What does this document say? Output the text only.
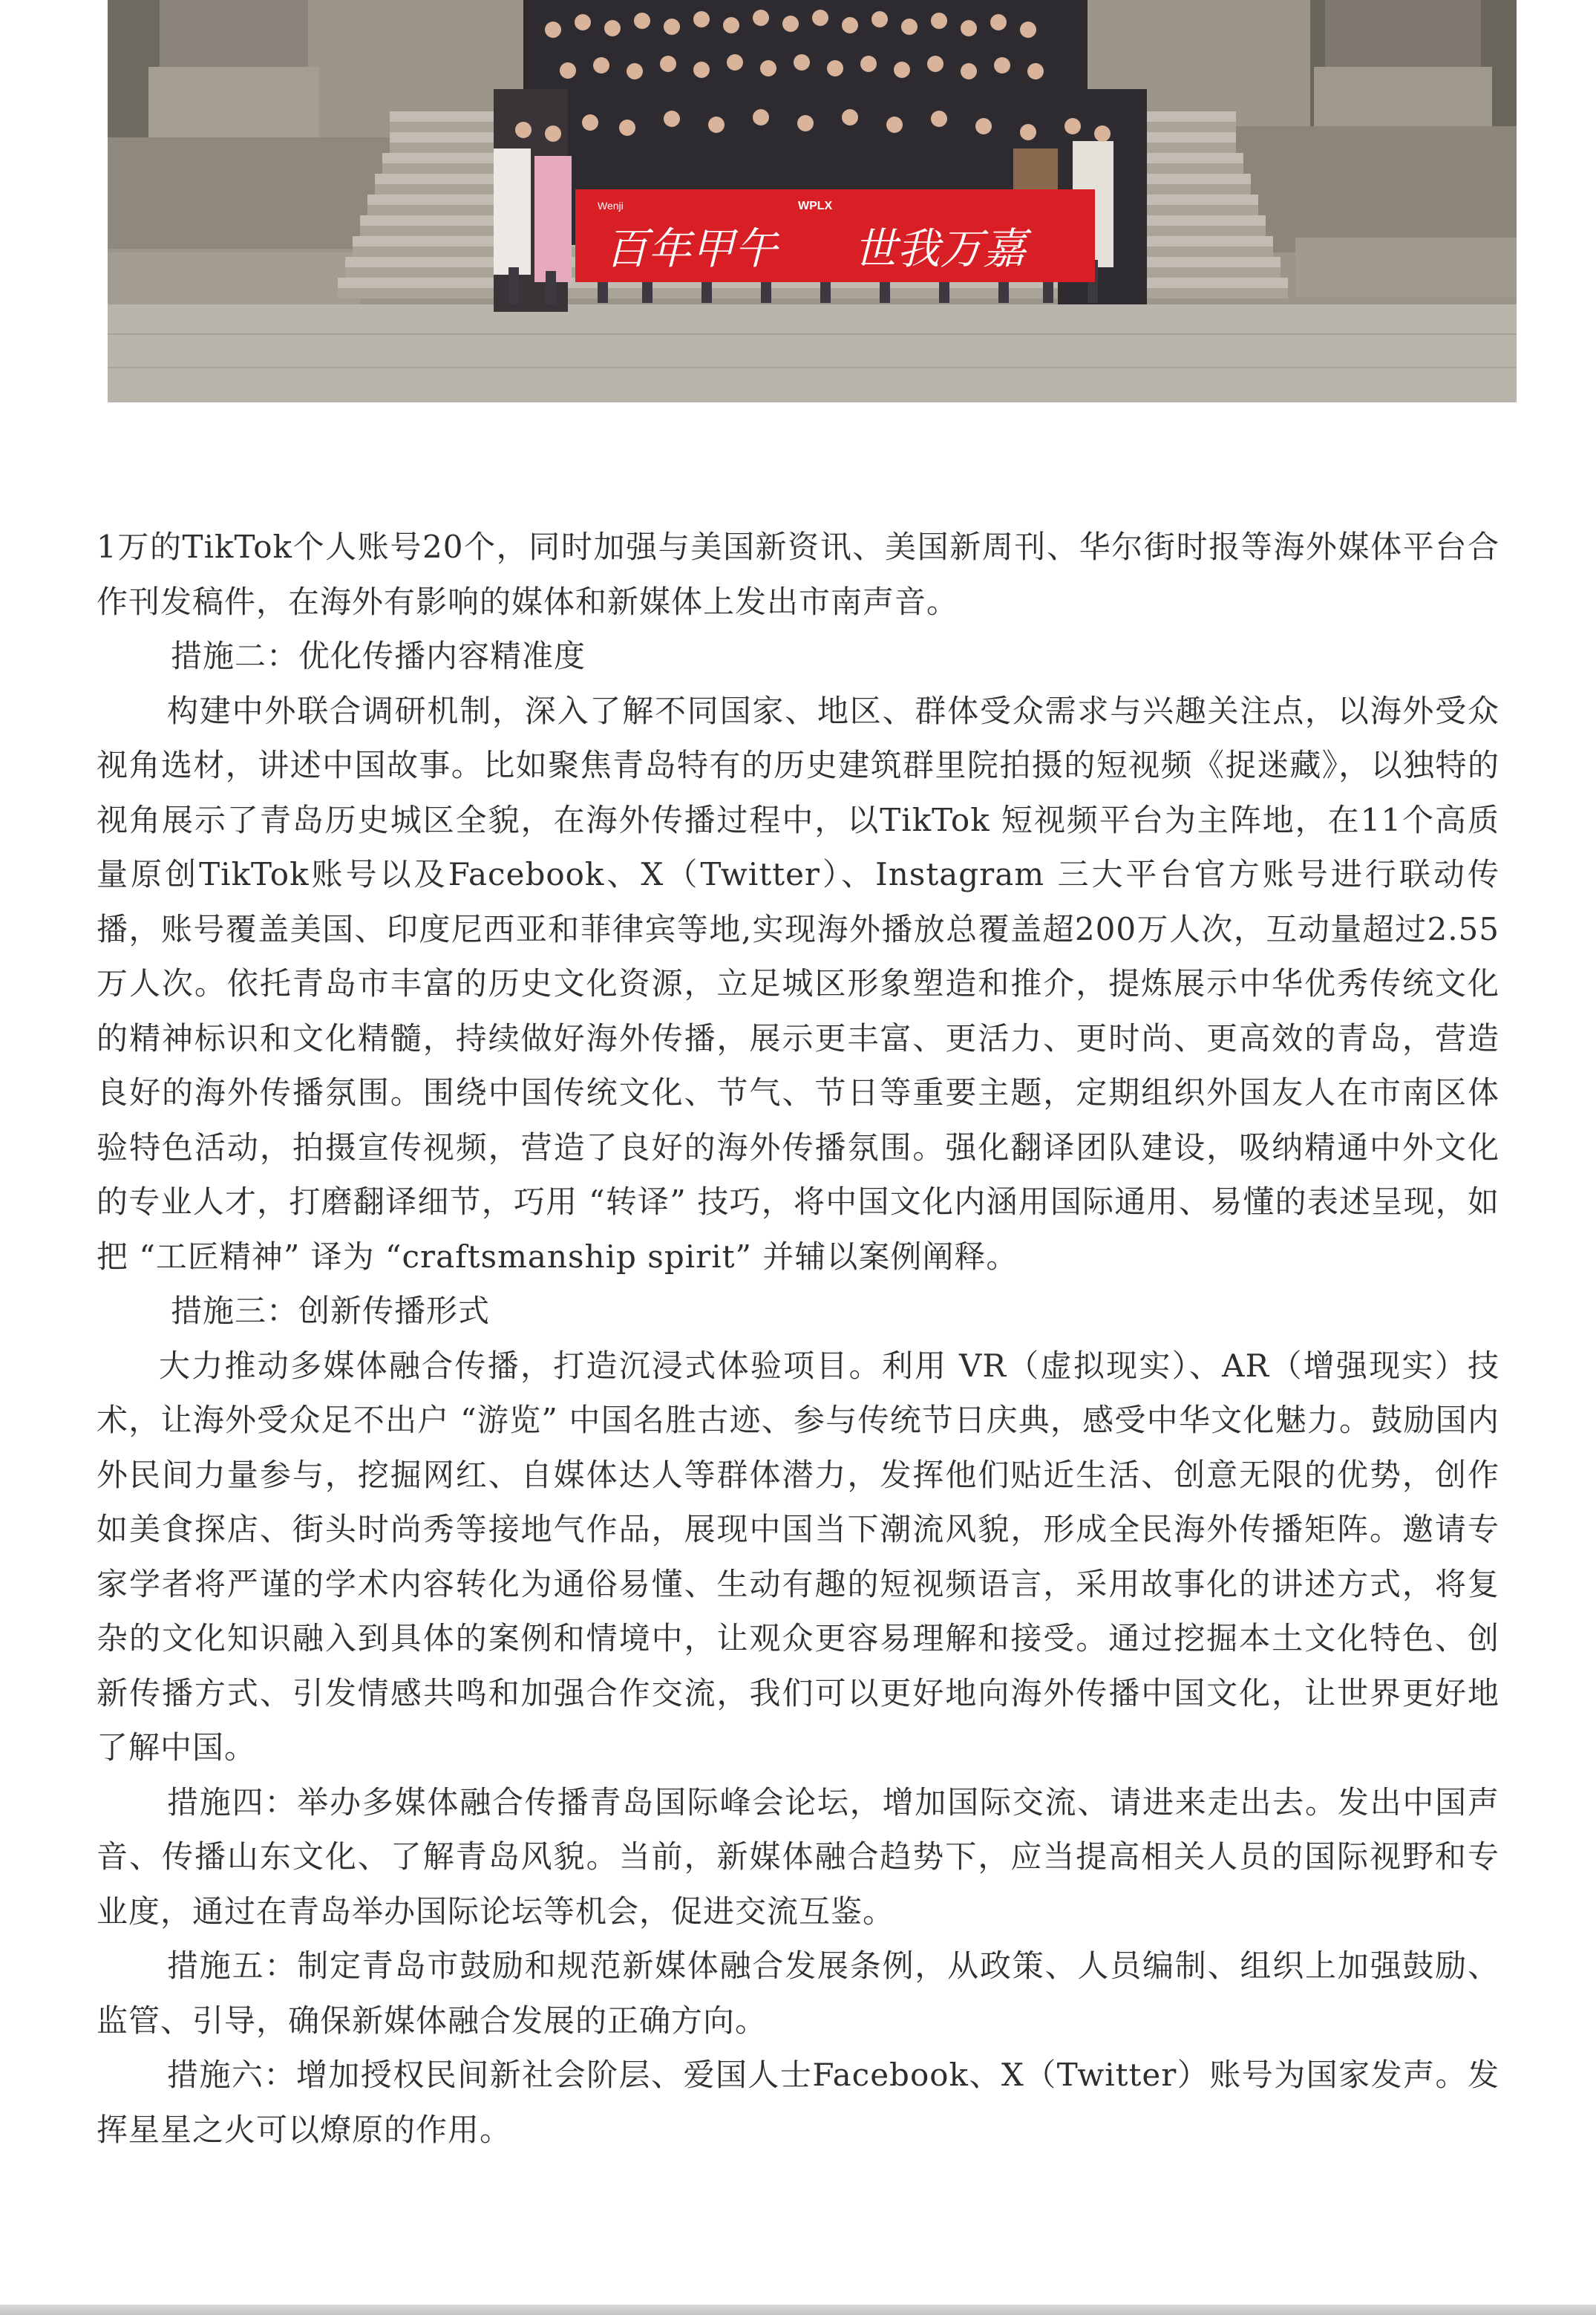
Wenji	WPLX
百年甲午 世我万嘉

1万的TikTok个人账号20个，同时加强与美国新资讯、美国新周刊、华尔街时报等海外媒体平台合作刊发稿件，在海外有影响的媒体和新媒体上发出市南声音。

措施二：优化传播内容精准度

构建中外联合调研机制，深入了解不同国家、地区、群体受众需求与兴趣关注点，以海外受众视角选材，讲述中国故事。比如聚焦青岛特有的历史建筑群里院拍摄的短视频《捉迷藏》，以独特的视角展示了青岛历史城区全貌，在海外传播过程中，以TikTok 短视频平台为主阵地，在11个高质量原创TikTok账号以及Facebook、X（Twitter）、Instagram 三大平台官方账号进行联动传播，账号覆盖美国、印度尼西亚和菲律宾等地,实现海外播放总覆盖超200万人次，互动量超过2.55万人次。依托青岛市丰富的历史文化资源，立足城区形象塑造和推介，提炼展示中华优秀传统文化的精神标识和文化精髓，持续做好海外传播，展示更丰富、更活力、更时尚、更高效的青岛，营造良好的海外传播氛围。围绕中国传统文化、节气、节日等重要主题，定期组织外国友人在市南区体验特色活动，拍摄宣传视频，营造了良好的海外传播氛围。强化翻译团队建设，吸纳精通中外文化的专业人才，打磨翻译细节，巧用 “转译” 技巧，将中国文化内涵用国际通用、易懂的表述呈现，如把 “工匠精神” 译为 “craftsmanship spirit” 并辅以案例阐释。

措施三：创新传播形式

大力推动多媒体融合传播，打造沉浸式体验项目。利用 VR（虚拟现实）、AR（增强现实）技术，让海外受众足不出户 “游览” 中国名胜古迹、参与传统节日庆典，感受中华文化魅力。鼓励国内外民间力量参与，挖掘网红、自媒体达人等群体潜力，发挥他们贴近生活、创意无限的优势，创作如美食探店、街头时尚秀等接地气作品，展现中国当下潮流风貌，形成全民海外传播矩阵。邀请专家学者将严谨的学术内容转化为通俗易懂、生动有趣的短视频语言，采用故事化的讲述方式，将复杂的文化知识融入到具体的案例和情境中，让观众更容易理解和接受。通过挖掘本土文化特色、创新传播方式、引发情感共鸣和加强合作交流，我们可以更好地向海外传播中国文化，让世界更好地了解中国。

措施四：举办多媒体融合传播青岛国际峰会论坛，增加国际交流、请进来走出去。发出中国声音、传播山东文化、了解青岛风貌。当前，新媒体融合趋势下，应当提高相关人员的国际视野和专业度，通过在青岛举办国际论坛等机会，促进交流互鉴。

措施五：制定青岛市鼓励和规范新媒体融合发展条例，从政策、人员编制、组织上加强鼓励、监管、引导，确保新媒体融合发展的正确方向。

措施六：增加授权民间新社会阶层、爱国人士Facebook、X（Twitter）账号为国家发声。发挥星星之火可以燎原的作用。
